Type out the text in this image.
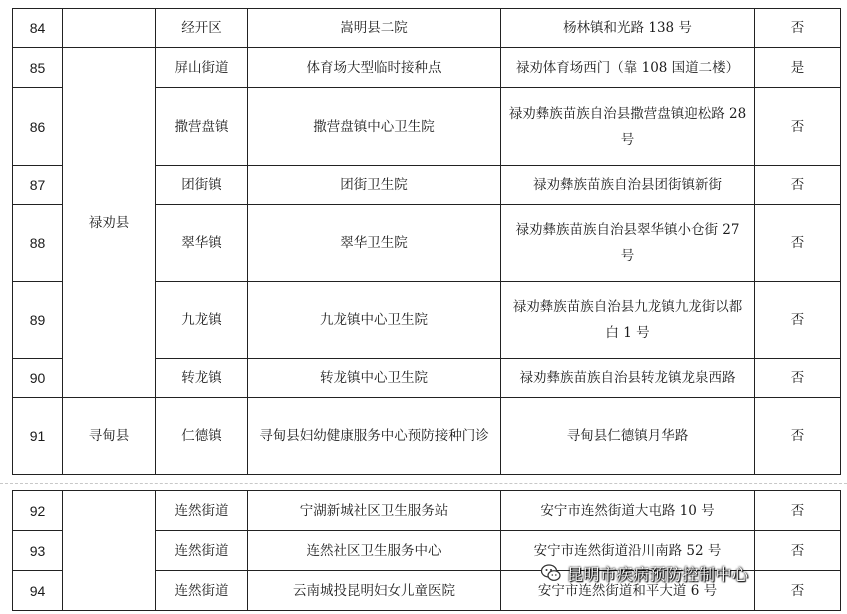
84		经开区	嵩明县二院	杨林镇和光路 138 号	否
85	禄劝县	屏山街道	体育场大型临时接种点	禄劝体育场西门（靠 108 国道二楼）	是
86		撒营盘镇	撒营盘镇中心卫生院	禄劝彝族苗族自治县撒营盘镇迎松路 28 号	否
87		团街镇	团街卫生院	禄劝彝族苗族自治县团街镇新街	否
88		翠华镇	翠华卫生院	禄劝彝族苗族自治县翠华镇小仓街 27 号	否
89		九龙镇	九龙镇中心卫生院	禄劝彝族苗族自治县九龙镇九龙街以都白 1 号	否
90		转龙镇	转龙镇中心卫生院	禄劝彝族苗族自治县转龙镇龙泉西路	否
91	寻甸县	仁德镇	寻甸县妇幼健康服务中心预防接种门诊	寻甸县仁德镇月华路	否
92		连然街道	宁湖新城社区卫生服务站	安宁市连然街道大屯路 10 号	否
93		连然街道	连然社区卫生服务中心	安宁市连然街道沿川南路 52 号	否
94		连然街道	云南城投昆明妇女儿童医院	安宁市连然街道和平大道 6 号	否
昆明市疾病预防控制中心
